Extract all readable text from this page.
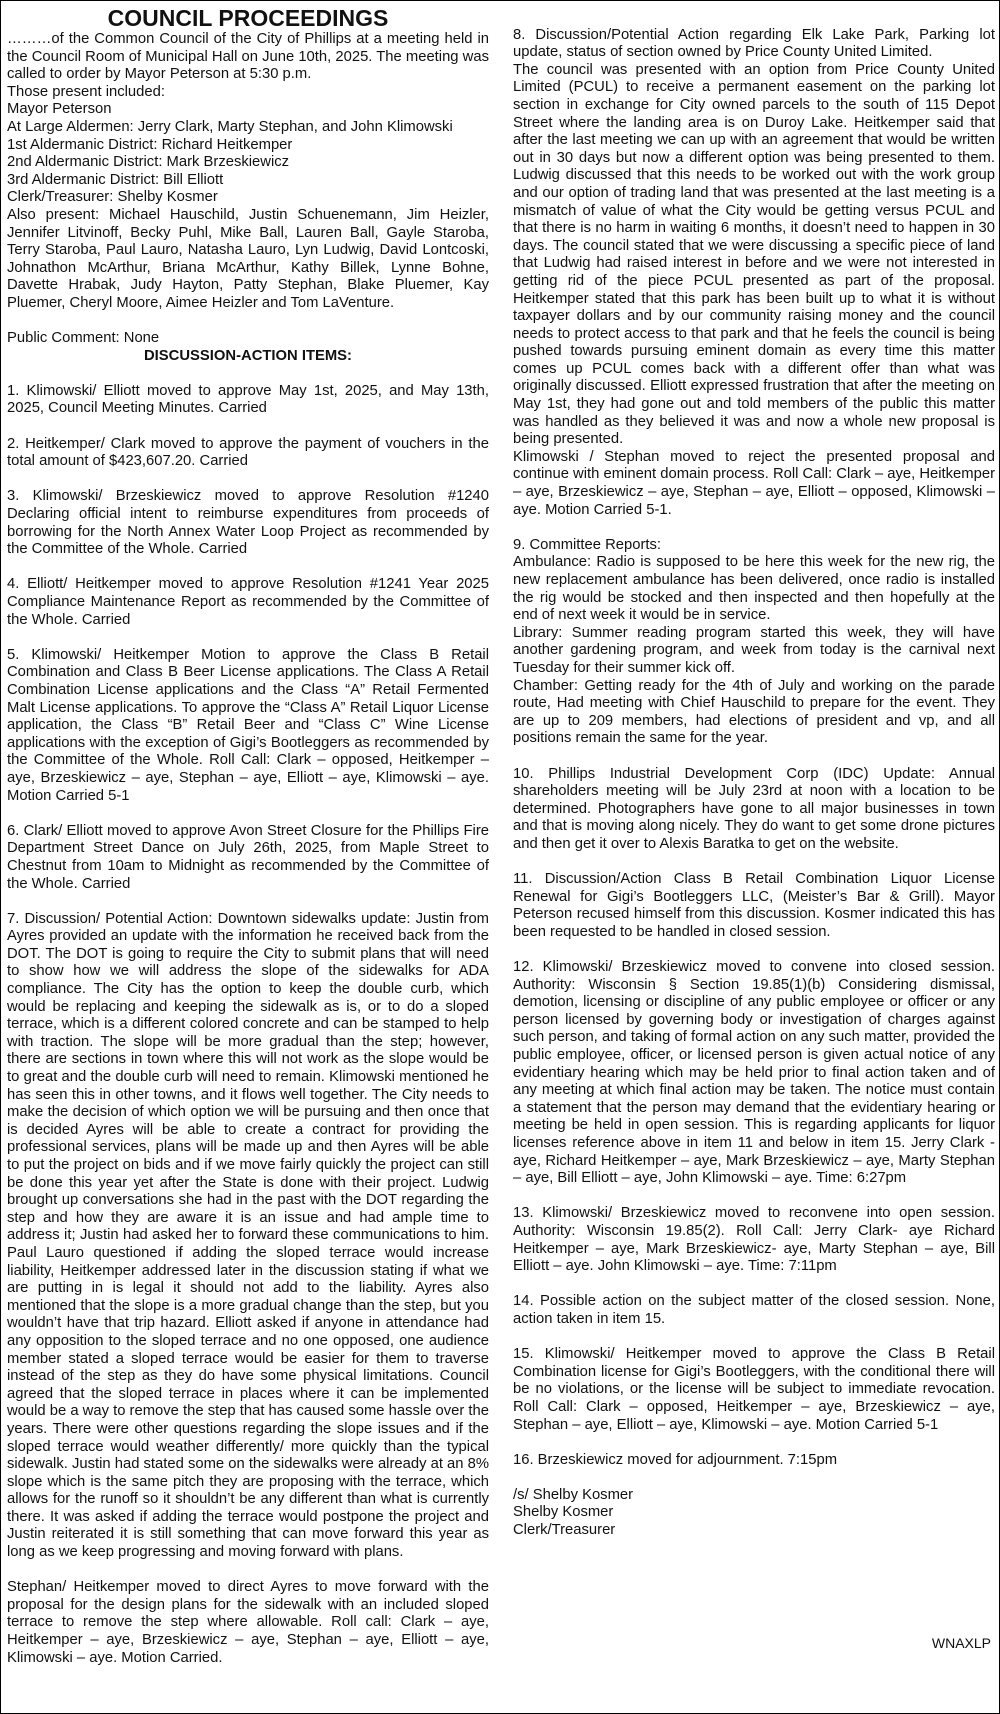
COUNCIL PROCEEDINGS

………of the Common Council of the City of Phillips at a meeting held in the Council Room of Municipal Hall on June 10th, 2025. The meeting was called to order by Mayor Peterson at 5:30 p.m.

Those present included:

Mayor Peterson
At Large Aldermen: Jerry Clark, Marty Stephan, and John Klimowski
1st Aldermanic District: Richard Heitkemper
2nd Aldermanic District: Mark Brzeskiewicz
3rd Aldermanic District: Bill Elliott
Clerk/Treasurer: Shelby Kosmer

Also present: Michael Hauschild, Justin Schuenemann, Jim Heizler, Jennifer Litvinoff, Becky Puhl, Mike Ball, Lauren Ball, Gayle Staroba, Terry Staroba, Paul Lauro, Natasha Lauro, Lyn Ludwig, David Lontcoski, Johnathon McArthur, Briana McArthur, Kathy Billek, Lynne Bohne, Davette Hrabak, Judy Hayton, Patty Stephan, Blake Pluemer, Kay Pluemer, Cheryl Moore, Aimee Heizler and Tom LaVenture.

Public Comment: None

DISCUSSION-ACTION ITEMS:

1. Klimowski/ Elliott moved to approve May 1st, 2025, and May 13th, 2025, Council Meeting Minutes. Carried

2. Heitkemper/ Clark moved to approve the payment of vouchers in the total amount of $423,607.20. Carried

3. Klimowski/ Brzeskiewicz moved to approve Resolution #1240 Declaring official intent to reimburse expenditures from proceeds of borrowing for the North Annex Water Loop Project as recommended by the Committee of the Whole. Carried

4. Elliott/ Heitkemper moved to approve Resolution #1241 Year 2025 Compliance Maintenance Report as recommended by the Committee of the Whole. Carried

5. Klimowski/ Heitkemper Motion to approve the Class B Retail Combination and Class B Beer License applications. The Class A Retail Combination License applications and the Class “A” Retail Fermented Malt License applications. To approve the “Class A” Retail Liquor License application, the Class “B” Retail Beer and “Class C” Wine License applications with the exception of Gigi’s Bootleggers as recommended by the Committee of the Whole. Roll Call: Clark – opposed, Heitkemper – aye, Brzeskiewicz – aye, Stephan – aye, Elliott – aye, Klimowski – aye. Motion Carried 5-1

6. Clark/ Elliott moved to approve Avon Street Closure for the Phillips Fire Department Street Dance on July 26th, 2025, from Maple Street to Chestnut from 10am to Midnight as recommended by the Committee of the Whole. Carried

7. Discussion/ Potential Action: Downtown sidewalks update: Justin from Ayres provided an update with the information he received back from the DOT. The DOT is going to require the City to submit plans that will need to show how we will address the slope of the sidewalks for ADA compliance. The City has the option to keep the double curb, which would be replacing and keeping the sidewalk as is, or to do a sloped terrace, which is a different colored concrete and can be stamped to help with traction. The slope will be more gradual than the step; however, there are sections in town where this will not work as the slope would be to great and the double curb will need to remain. Klimowski mentioned he has seen this in other towns, and it flows well together. The City needs to make the decision of which option we will be pursuing and then once that is decided Ayres will be able to create a contract for providing the professional services, plans will be made up and then Ayres will be able to put the project on bids and if we move fairly quickly the project can still be done this year yet after the State is done with their project. Ludwig brought up conversations she had in the past with the DOT regarding the step and how they are aware it is an issue and had ample time to address it; Justin had asked her to forward these communications to him. Paul Lauro questioned if adding the sloped terrace would increase liability, Heitkemper addressed later in the discussion stating if what we are putting in is legal it should not add to the liability. Ayres also mentioned that the slope is a more gradual change than the step, but you wouldn’t have that trip hazard. Elliott asked if anyone in attendance had any opposition to the sloped terrace and no one opposed, one audience member stated a sloped terrace would be easier for them to traverse instead of the step as they do have some physical limitations. Council agreed that the sloped terrace in places where it can be implemented would be a way to remove the step that has caused some hassle over the years. There were other questions regarding the slope issues and if the sloped terrace would weather differently/ more quickly than the typical sidewalk. Justin had stated some on the sidewalks were already at an 8% slope which is the same pitch they are proposing with the terrace, which allows for the runoff so it shouldn’t be any different than what is currently there. It was asked if adding the terrace would postpone the project and Justin reiterated it is still something that can move forward this year as long as we keep progressing and moving forward with plans.

Stephan/ Heitkemper moved to direct Ayres to move forward with the proposal for the design plans for the sidewalk with an included sloped terrace to remove the step where allowable. Roll call: Clark – aye, Heitkemper – aye, Brzeskiewicz – aye, Stephan – aye, Elliott – aye, Klimowski – aye. Motion Carried.

8. Discussion/Potential Action regarding Elk Lake Park, Parking lot update, status of section owned by Price County United Limited.

The council was presented with an option from Price County United Limited (PCUL) to receive a permanent easement on the parking lot section in exchange for City owned parcels to the south of 115 Depot Street where the landing area is on Duroy Lake. Heitkemper said that after the last meeting we can up with an agreement that would be written out in 30 days but now a different option was being presented to them. Ludwig discussed that this needs to be worked out with the work group and our option of trading land that was presented at the last meeting is a mismatch of value of what the City would be getting versus PCUL and that there is no harm in waiting 6 months, it doesn’t need to happen in 30 days. The council stated that we were discussing a specific piece of land that Ludwig had raised interest in before and we were not interested in getting rid of the piece PCUL presented as part of the proposal. Heitkemper stated that this park has been built up to what it is without taxpayer dollars and by our community raising money and the council needs to protect access to that park and that he feels the council is being pushed towards pursuing eminent domain as every time this matter comes up PCUL comes back with a different offer than what was originally discussed. Elliott expressed frustration that after the meeting on May 1st, they had gone out and told members of the public this matter was handled as they believed it was and now a whole new proposal is being presented.

Klimowski / Stephan moved to reject the presented proposal and continue with eminent domain process. Roll Call: Clark – aye, Heitkemper – aye, Brzeskiewicz – aye, Stephan – aye, Elliott – opposed, Klimowski – aye. Motion Carried 5-1.

9. Committee Reports:

Ambulance: Radio is supposed to be here this week for the new rig, the new replacement ambulance has been delivered, once radio is installed the rig would be stocked and then inspected and then hopefully at the end of next week it would be in service.

Library: Summer reading program started this week, they will have another gardening program, and week from today is the carnival next Tuesday for their summer kick off.

Chamber: Getting ready for the 4th of July and working on the parade route, Had meeting with Chief Hauschild to prepare for the event. They are up to 209 members, had elections of president and vp, and all positions remain the same for the year.

10. Phillips Industrial Development Corp (IDC) Update: Annual shareholders meeting will be July 23rd at noon with a location to be determined. Photographers have gone to all major businesses in town and that is moving along nicely. They do want to get some drone pictures and then get it over to Alexis Baratka to get on the website.

11. Discussion/Action Class B Retail Combination Liquor License Renewal for Gigi’s Bootleggers LLC, (Meister’s Bar & Grill). Mayor Peterson recused himself from this discussion. Kosmer indicated this has been requested to be handled in closed session.

12. Klimowski/ Brzeskiewicz moved to convene into closed session. Authority: Wisconsin § Section 19.85(1)(b) Considering dismissal, demotion, licensing or discipline of any public employee or officer or any person licensed by governing body or investigation of charges against such person, and taking of formal action on any such matter, provided the public employee, officer, or licensed person is given actual notice of any evidentiary hearing which may be held prior to final action taken and of any meeting at which final action may be taken. The notice must contain a statement that the person may demand that the evidentiary hearing or meeting be held in open session. This is regarding applicants for liquor licenses reference above in item 11 and below in item 15. Jerry Clark -aye, Richard Heitkemper – aye, Mark Brzeskiewicz – aye, Marty Stephan – aye, Bill Elliott – aye, John Klimowski – aye. Time: 6:27pm

13. Klimowski/ Brzeskiewicz moved to reconvene into open session. Authority: Wisconsin 19.85(2). Roll Call: Jerry Clark- aye Richard Heitkemper – aye, Mark Brzeskiewicz- aye, Marty Stephan – aye, Bill Elliott – aye. John Klimowski – aye. Time: 7:11pm

14. Possible action on the subject matter of the closed session. None, action taken in item 15.

15. Klimowski/ Heitkemper moved to approve the Class B Retail Combination license for Gigi’s Bootleggers, with the conditional there will be no violations, or the license will be subject to immediate revocation. Roll Call: Clark – opposed, Heitkemper – aye, Brzeskiewicz – aye, Stephan – aye, Elliott – aye, Klimowski – aye. Motion Carried 5-1

16. Brzeskiewicz moved for adjournment. 7:15pm

/s/ Shelby Kosmer

Shelby Kosmer

Clerk/Treasurer

WNAXLP
